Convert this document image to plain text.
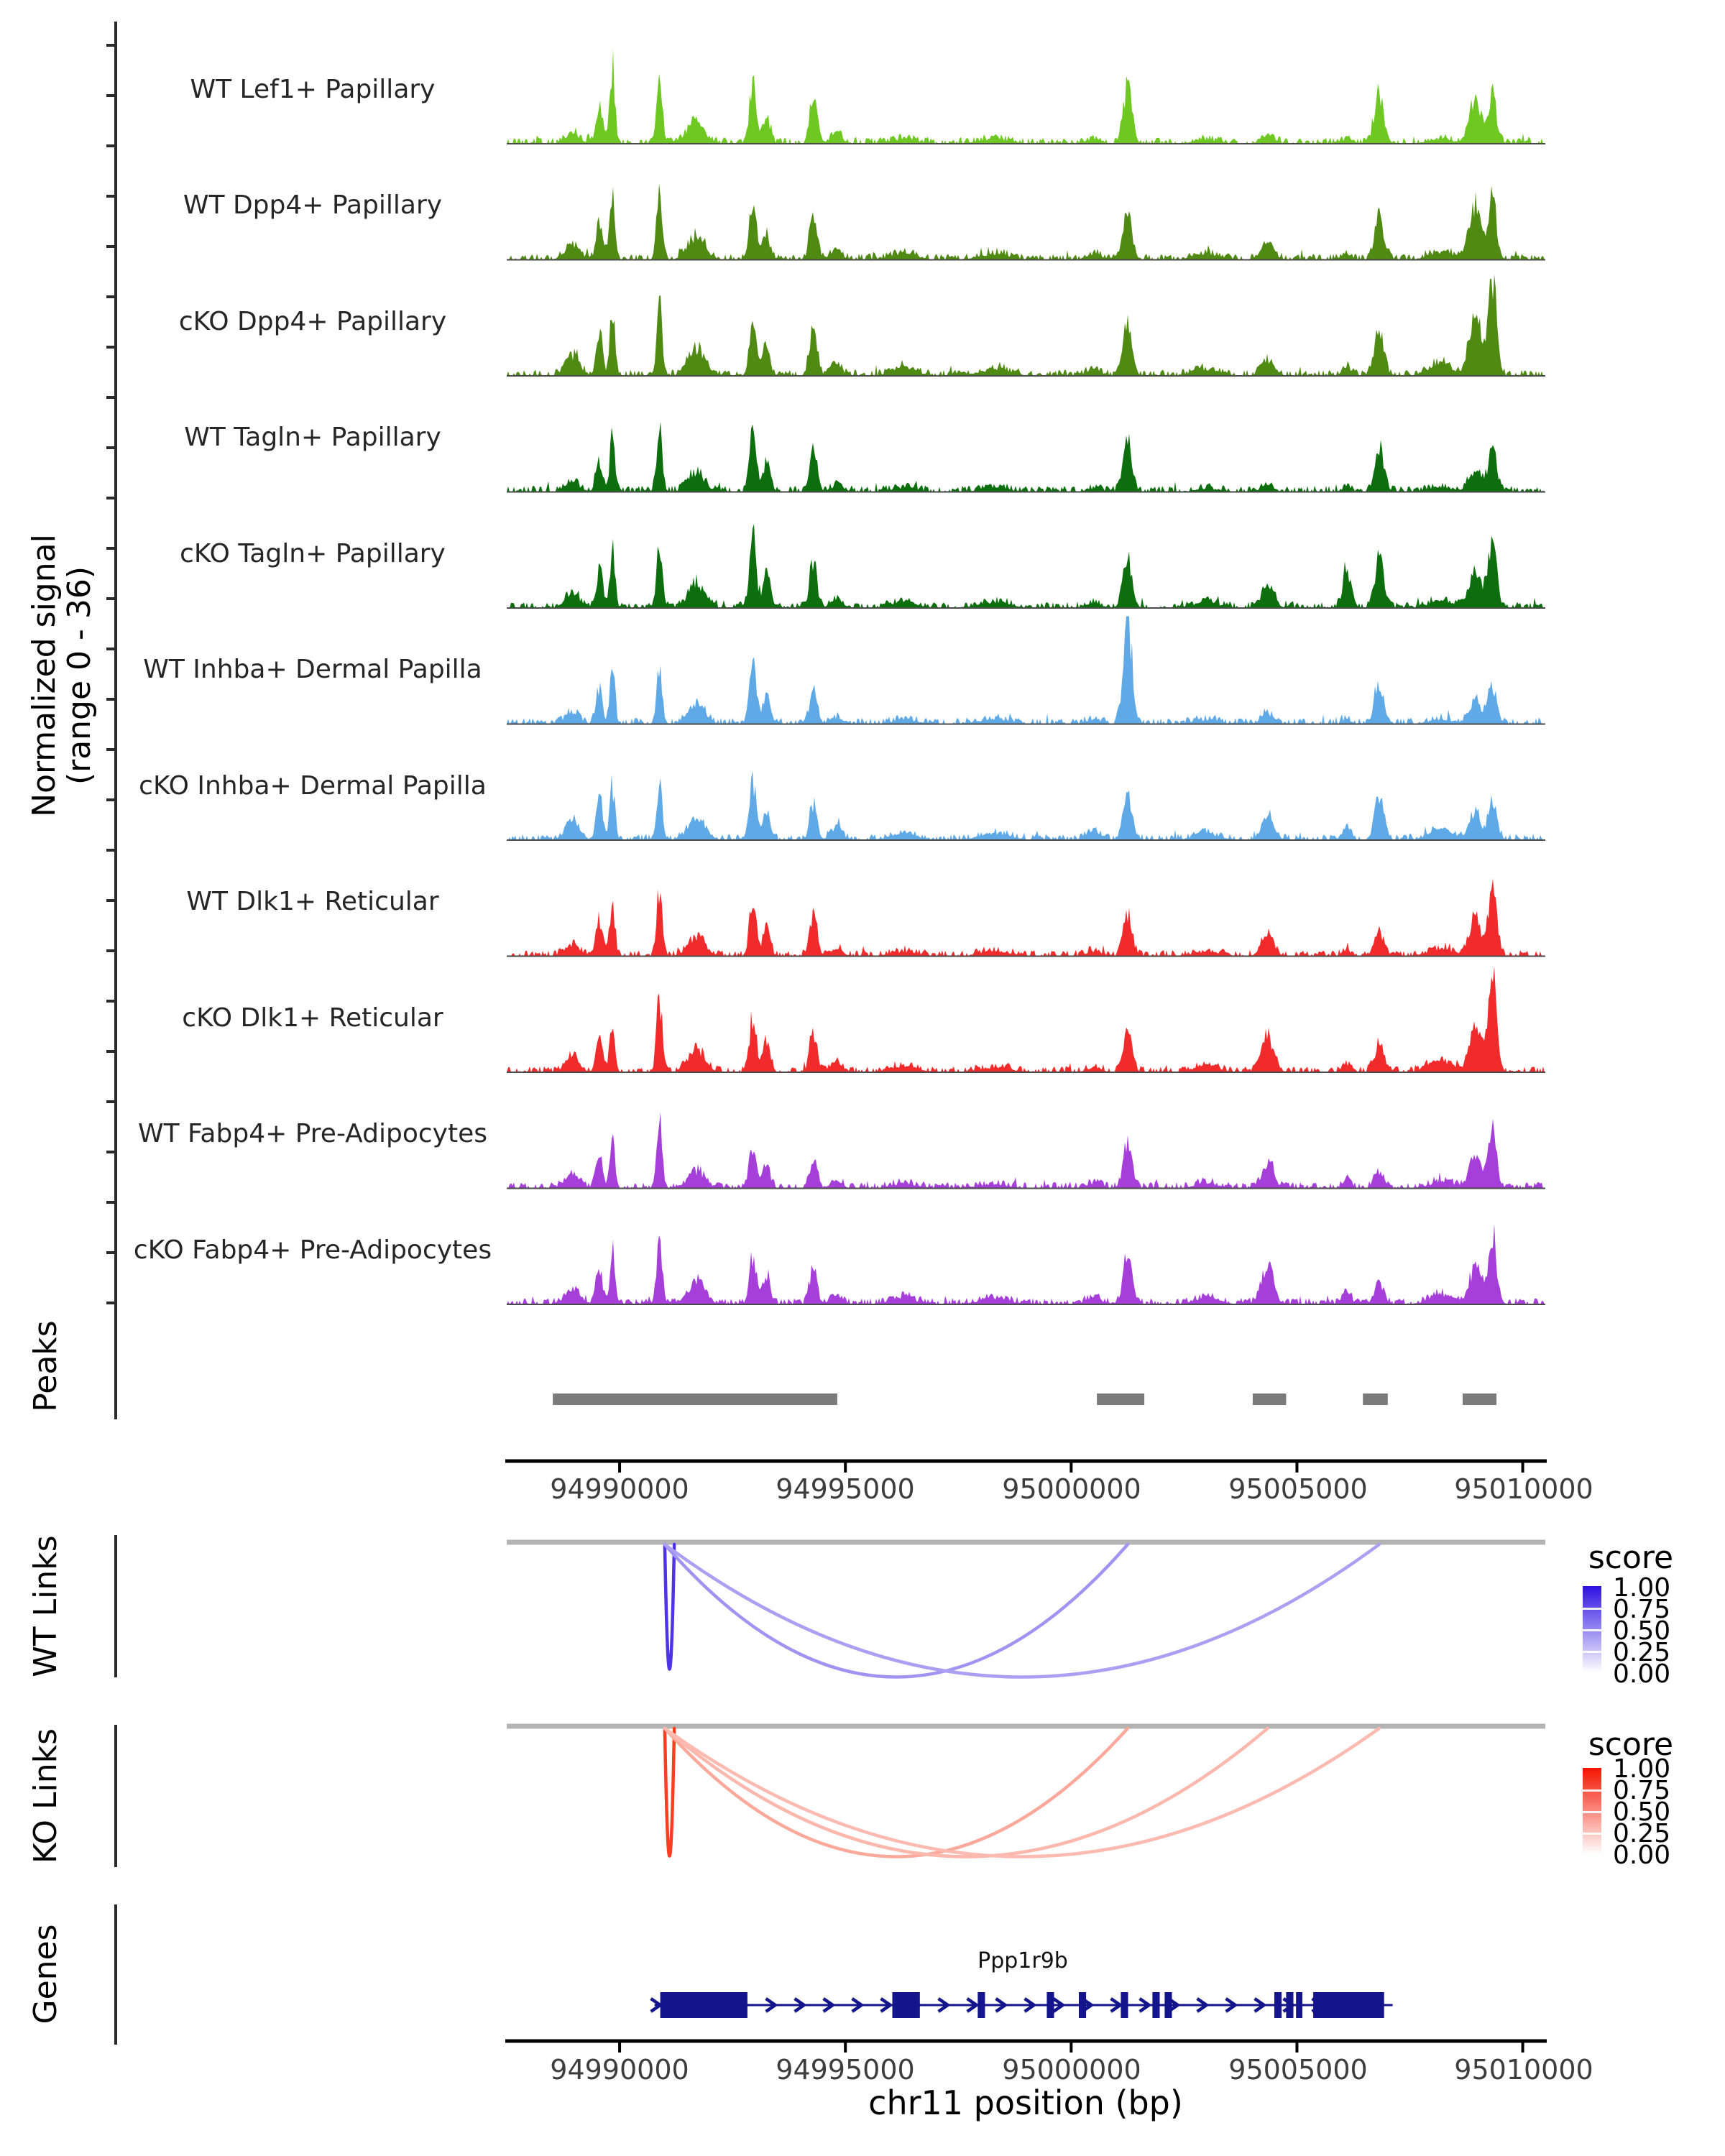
WT Lef1+ Papillary
WT Dpp4+ Papillary
cKO Dpp4+ Papillary
WT Tagln+ Papillary
cKO Tagln+ Papillary
WT Inhba+ Dermal Papilla
cKO Inhba+ Dermal Papilla
WT Dlk1+ Reticular
cKO Dlk1+ Reticular
WT Fabp4+ Pre-Adipocytes
cKO Fabp4+ Pre-Adipocytes
Normalized signal
(range 0 - 36)
Peaks
WT Links
KO Links
Genes
94990000	94995000	95000000	95005000	95010000
score
1.00
0.75
0.50
0.25
0.00
score
1.00
0.75
0.50
0.25
0.00
Ppp1r9b
94990000	94995000	95000000	95005000	95010000
chr11 position (bp)
